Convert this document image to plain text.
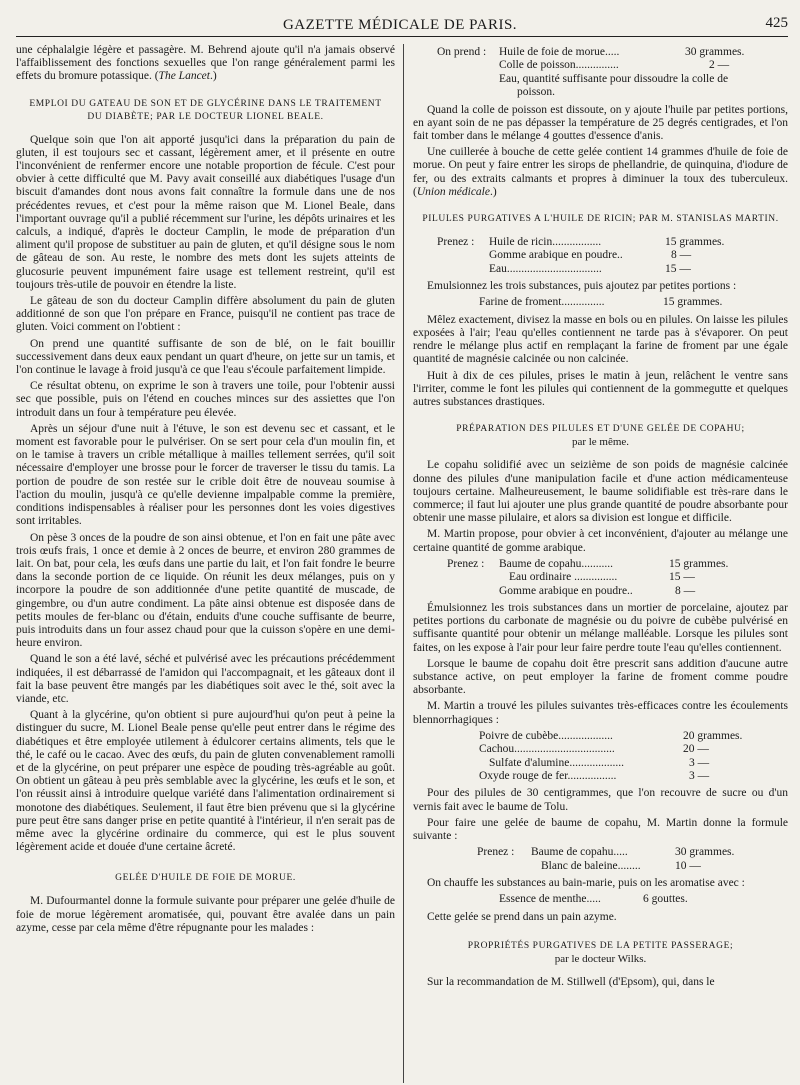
GAZETTE MÉDICALE DE PARIS.	425

une céphalalgie légère et passagère. M. Behrend ajoute qu'il n'a jamais observé l'affaiblissement des fonctions sexuelles que l'on range généralement parmi les effets du bromure potassique. (The Lancet.)

EMPLOI DU GATEAU DE SON ET DE GLYCÉRINE DANS LE TRAITEMENT
DU DIABÈTE; PAR LE DOCTEUR LIONEL BEALE.

Quelque soin que l'on ait apporté jusqu'ici dans la préparation du pain de gluten, il est toujours sec et cassant, légèrement amer, et il présente en outre l'inconvénient de renfermer encore une notable proportion de fécule. C'est pour obvier à cette difficulté que M. Pavy avait conseillé aux diabétiques l'usage d'un biscuit d'amandes dont nous avons fait connaître la formule dans une de nos précédentes revues, et c'est pour la même raison que M. Lionel Beale, dans l'important ouvrage qu'il a publié récemment sur l'urine, les dépôts urinaires et les calculs, a indiqué, d'après le docteur Camplin, le mode de préparation d'un aliment qu'il propose de substituer au pain de gluten, et qu'il désigne sous le nom de gâteau de son. Au reste, le nombre des mets dont les sujets atteints de glucosurie peuvent impunément faire usage est tellement restreint, qu'il est toujours très-utile de pouvoir en étendre la liste.

Le gâteau de son du docteur Camplin diffère absolument du pain de gluten additionné de son que l'on prépare en France, puisqu'il ne contient pas trace de gluten. Voici comment on l'obtient :

On prend une quantité suffisante de son de blé, on le fait bouillir successivement dans deux eaux pendant un quart d'heure, on jette sur un tamis, et l'on continue le lavage à froid jusqu'à ce que l'eau s'écoule parfaitement limpide.

Ce résultat obtenu, on exprime le son à travers une toile, pour l'obtenir aussi sec que possible, puis on l'étend en couches minces sur des assiettes que l'on introduit dans un four à température peu élevée.

Après un séjour d'une nuit à l'étuve, le son est devenu sec et cassant, et le moment est favorable pour le pulvériser. On se sert pour cela d'un moulin fin, et on le tamise à travers un crible métallique à mailles tellement serrées, qu'il soit nécessaire d'employer une brosse pour le forcer de traverser le tissu du tamis. La portion de poudre de son restée sur le crible doit être de nouveau soumise à l'action du moulin, jusqu'à ce qu'elle devienne impalpable comme la première, conditions indispensables à réaliser pour les personnes dont les voies digestives sont irritables.

On pèse 3 onces de la poudre de son ainsi obtenue, et l'on en fait une pâte avec trois œufs frais, 1 once et demie à 2 onces de beurre, et environ 280 grammes de lait. On bat, pour cela, les œufs dans une partie du lait, et l'on fait fondre le beurre dans la seconde portion de ce liquide. On réunit les deux mélanges, puis on y incorpore la poudre de son additionnée d'une petite quantité de muscade, de gingembre, ou d'un autre condiment. La pâte ainsi obtenue est disposée dans de petits moules de fer-blanc ou d'étain, enduits d'une couche suffisante de beurre, puis introduits dans un four assez chaud pour que la cuisson s'opère en une demi-heure environ.

Quand le son a été lavé, séché et pulvérisé avec les précautions précédemment indiquées, il est débarrassé de l'amidon qui l'accompagnait, et les gâteaux dont il fait la base peuvent être mangés par les diabétiques soit avec le thé, soit avec la viande, etc.

Quant à la glycérine, qu'on obtient si pure aujourd'hui qu'on peut à peine la distinguer du sucre, M. Lionel Beale pense qu'elle peut entrer dans le régime des diabétiques et être employée utilement à édulcorer certains aliments, tels que le thé, le café ou le cacao. Avec des œufs, du pain de gluten convenablement ramolli et de la glycérine, on peut préparer une espèce de pouding très-agréable au goût. On obtient un gâteau à peu près semblable avec la glycérine, les œufs et le son, et l'on réussit ainsi à introduire quelque variété dans l'alimentation ordinairement si monotone des diabétiques. Seulement, il faut être bien prévenu que si la glycérine pure peut être sans danger prise en petite quantité à l'intérieur, il n'en serait pas de même avec la glycérine ordinaire du commerce, qui est le plus souvent légèrement acide et douée d'une certaine âcreté.

GELÉE D'HUILE DE FOIE DE MORUE.

M. Dufourmantel donne la formule suivante pour préparer une gelée d'huile de foie de morue légèrement aromatisée, qui, pouvant être avalée dans un pain azyme, cesse par cela même d'être répugnante pour les malades :

On prend :	Huile de foie de morue.....	30 grammes.
Colle de poisson...............	2 —
Eau, quantité suffisante pour dissoudre la colle de
poisson.

Quand la colle de poisson est dissoute, on y ajoute l'huile par petites portions, en ayant soin de ne pas dépasser la température de 25 degrés centigrades, et l'on fait tomber dans le mélange 4 gouttes d'essence d'anis.

Une cuillerée à bouche de cette gelée contient 14 grammes d'huile de foie de morue. On peut y faire entrer les sirops de phellandrie, de quinquina, d'iodure de fer, ou des extraits calmants et propres à diminuer la toux des tuberculeux. (Union médicale.)

PILULES PURGATIVES A L'HUILE DE RICIN; PAR M. STANISLAS MARTIN.
Prenez :	Huile de ricin.................	15 grammes.
Gomme arabique en poudre..	8 —
Eau.................................	15 —

Emulsionnez les trois substances, puis ajoutez par petites portions :

Farine de froment...............	15 grammes.

Mêlez exactement, divisez la masse en bols ou en pilules. On laisse les pilules exposées à l'air; l'eau qu'elles contiennent ne tarde pas à s'évaporer. On peut rendre le mélange plus actif en remplaçant la farine de froment par une égale quantité de magnésie calcinée ou non calcinée.

Huit à dix de ces pilules, prises le matin à jeun, relâchent le ventre sans l'irriter, comme le font les pilules qui contiennent de la gommegutte et quelques autres substances drastiques.

PRÉPARATION DES PILULES ET D'UNE GELÉE DE COPAHU;
par le même.

Le copahu solidifié avec un seizième de son poids de magnésie calcinée donne des pilules d'une manipulation facile et d'une action médicamenteuse toujours certaine. Malheureusement, le baume solidifiable est très-rare dans le commerce; il faut lui ajouter une plus grande quantité de poudre absorbante pour obtenir une masse pilulaire, et alors sa division est longue et difficile.

M. Martin propose, pour obvier à cet inconvénient, d'ajouter au mélange une certaine quantité de gomme arabique.

Prenez :	Baume de copahu...........	15 grammes.
Eau ordinaire ...............	15 —
Gomme arabique en poudre..	8 —

Émulsionnez les trois substances dans un mortier de porcelaine, ajoutez par petites portions du carbonate de magnésie ou du poivre de cubèbe pulvérisé en suffisante quantité pour obtenir un mélange malléable. Lorsque les pilules sont faites, on les expose à l'air pour leur faire perdre toute l'eau qu'elles contiennent.

Lorsque le baume de copahu doit être prescrit sans addition d'aucune autre substance active, on peut employer la farine de froment comme poudre absorbante.

M. Martin a trouvé les pilules suivantes très-efficaces contre les écoulements blennorrhagiques :

Poivre de cubèbe...................	20 grammes.
Cachou...................................	20 —
Sulfate d'alumine...................	3 —
Oxyde rouge de fer.................	3 —

Pour des pilules de 30 centigrammes, que l'on recouvre de sucre ou d'un vernis fait avec le baume de Tolu.

Pour faire une gelée de baume de copahu, M. Martin donne la formule suivante :

Prenez :	Baume de copahu.....	30 grammes.
Blanc de baleine........	10 —

On chauffe les substances au bain-marie, puis on les aromatise avec :

Essence de menthe.....	6 gouttes.

Cette gelée se prend dans un pain azyme.

PROPRIÉTÉS PURGATIVES DE LA PETITE PASSERAGE;
par le docteur Wilks.

Sur la recommandation de M. Stillwell (d'Epsom), qui, dans le
